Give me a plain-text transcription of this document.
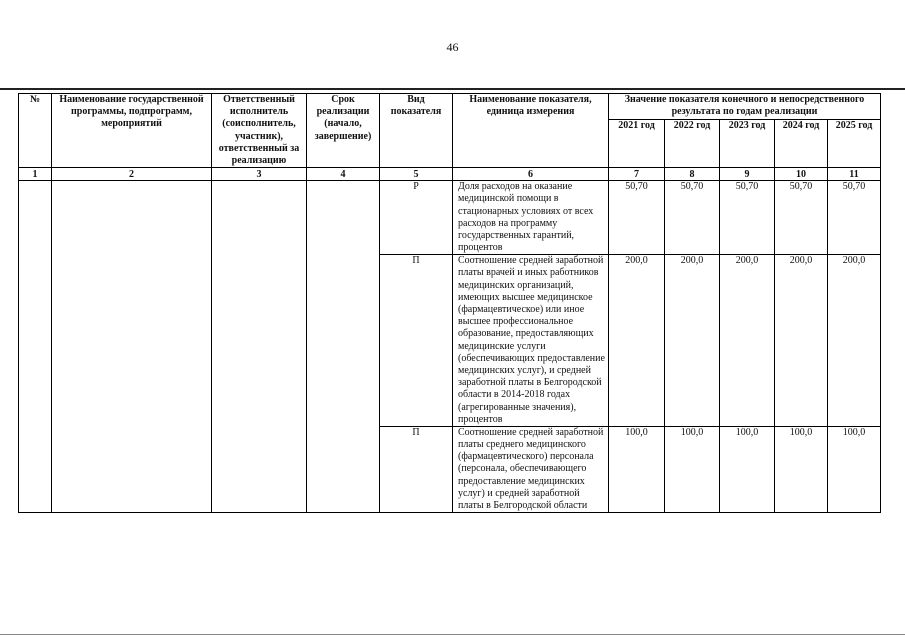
46
№	Наименование государственной программы, подпрограмм, мероприятий	Ответственный исполнитель (соисполнитель, участник), ответственный за реализацию	Срок реализации (начало, завершение)	Вид показателя	Наименование показателя, единица измерения	Значение показателя конечного и непосредственного результата по годам реализации				
						2021 год	2022 год	2023 год	2024 год	2025 год
1	2	3	4	5	6	7	8	9	10	11
				Р	Доля расходов на оказание медицинской помощи в стационарных условиях от всех расходов на программу государственных гарантий, процентов	50,70	50,70	50,70	50,70	50,70
				П	Соотношение средней заработной платы врачей и иных работников медицинских организаций, имеющих высшее медицинское (фармацевтическое) или иное высшее профессиональное образование, предоставляющих медицинские услуги (обеспечивающих предоставление медицинских услуг), и средней заработной платы в Белгородской области в 2014-2018 годах (агрегированные значения), процентов	200,0	200,0	200,0	200,0	200,0
				П	Соотношение средней заработной платы среднего медицинского (фармацевтического) персонала (персонала, обеспечивающего предоставление медицинских услуг) и средней заработной платы в Белгородской области	100,0	100,0	100,0	100,0	100,0
